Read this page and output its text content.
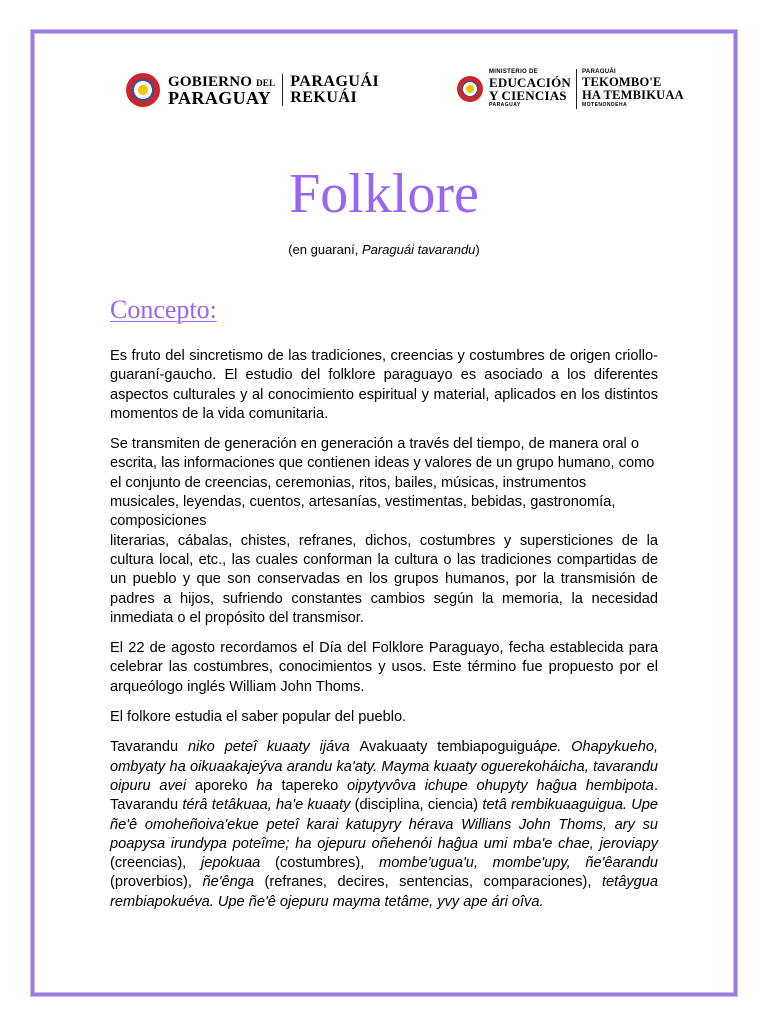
GOBIERNO DEL
PARAGUAY
PARAGUÁI
REKUÁI
MINISTERIO DE
EDUCACIÓN
Y CIENCIAS
PARAGUAY
PARAGUÁI
TEKOMBO'E
HA TEMBIKUAA
MOTENONDEHA
Folklore
(en guaraní, Paraguái tavarandu)
Concepto:

Es fruto del sincretismo de las tradiciones, creencias y costumbres de origen criollo-guaraní-gaucho. El estudio del folklore paraguayo es asociado a los diferentes aspectos culturales y al conocimiento espiritual y material, aplicados en los distintos momentos de la vida comunitaria.

Se transmiten de generación en generación a través del tiempo, de manera oral o escrita, las informaciones que contienen ideas y valores de un grupo humano, como el conjunto de creencias, ceremonias, ritos, bailes, músicas, instrumentos musicales, leyendas, cuentos, artesanías, vestimentas, bebidas, gastronomía, composiciones
literarias, cábalas, chistes, refranes, dichos, costumbres y supersticiones de la cultura local, etc., las cuales conforman la cultura o las tradiciones compartidas de un pueblo y que son conservadas en los grupos humanos, por la transmisión de padres a hijos, sufriendo constantes cambios según la memoria, la necesidad inmediata o el propósito del transmisor.

El 22 de agosto recordamos el Día del Folklore Paraguayo, fecha establecida para celebrar las costumbres, conocimientos y usos. Este término fue propuesto por el arqueólogo inglés William John Thoms.

El folkore estudia el saber popular del pueblo.

Tavarandu niko peteî kuaaty ijáva Avakuaaty tembiapoguiguápe. Ohapykueho, ombyaty ha oikuaakajeýva arandu ka'aty. Mayma kuaaty oguerekoháicha, tavarandu oipuru avei aporeko ha tapereko oipytyvôva ichupe ohupyty haĝua hembipota. Tavarandu térâ tetâkuaa, ha'e kuaaty (disciplina, ciencia) tetâ rembikuaaguigua. Upe ñe'ê omoheñoiva'ekue peteî karai katupyry hérava Willians John Thoms, ary su poapysa irundypa poteîme; ha ojepuru oñehenói haĝua umi mba'e chae, jeroviapy (creencias), jepokuaa (costumbres), mombe'ugua'u, mombe'upy, ñe'êarandu (proverbios), ñe'ênga (refranes, decires, sentencias, comparaciones), tetâygua rembiapokuéva. Upe ñe'ê ojepuru mayma tetâme, yvy ape ári oîva.
